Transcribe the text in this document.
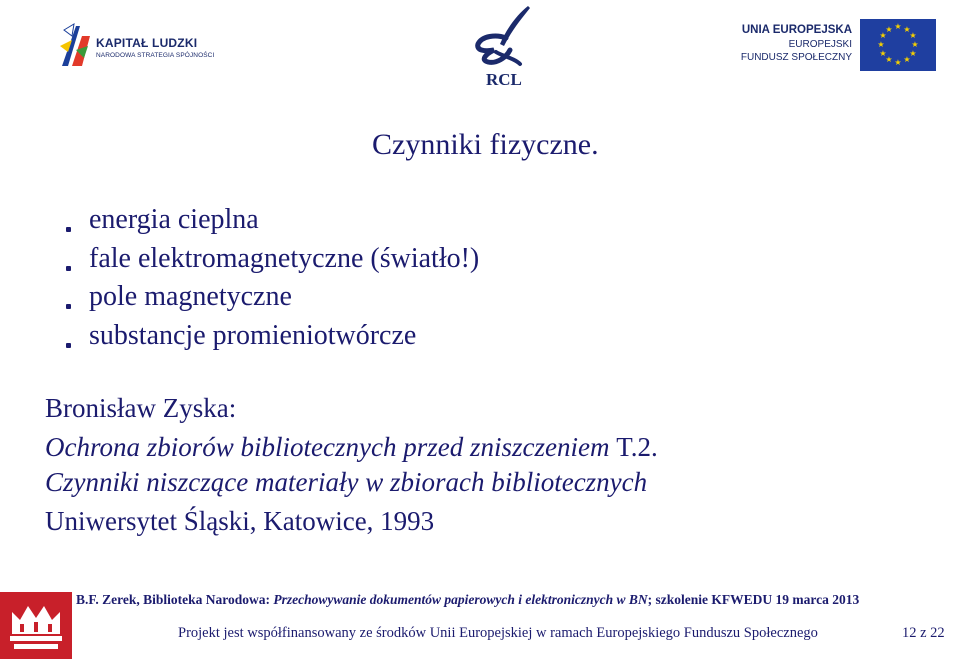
KAPITAŁ LUDZKI
NARODOWA STRATEGIA SPÓJNOŚCI
RCL
UNIA EUROPEJSKA
EUROPEJSKI
FUNDUSZ SPOŁECZNY
★ ★
★
★
★
★
★
★
★
★
★
★
Czynniki fizyczne.
energia cieplna
fale elektromagnetyczne (światło!)
pole magnetyczne
substancje promieniotwórcze
Bronisław Zyska:
Ochrona zbiorów bibliotecznych przed zniszczeniem T.2.
Czynniki niszczące materiały w zbiorach bibliotecznych
Uniwersytet Śląski, Katowice, 1993
B.F. Zerek, Biblioteka Narodowa: Przechowywanie dokumentów papierowych i elektronicznych w BN; szkolenie KFWEDU 19 marca 2013
Projekt jest współfinansowany ze środków Unii Europejskiej w ramach Europejskiego Funduszu Społecznego	12 z 22
